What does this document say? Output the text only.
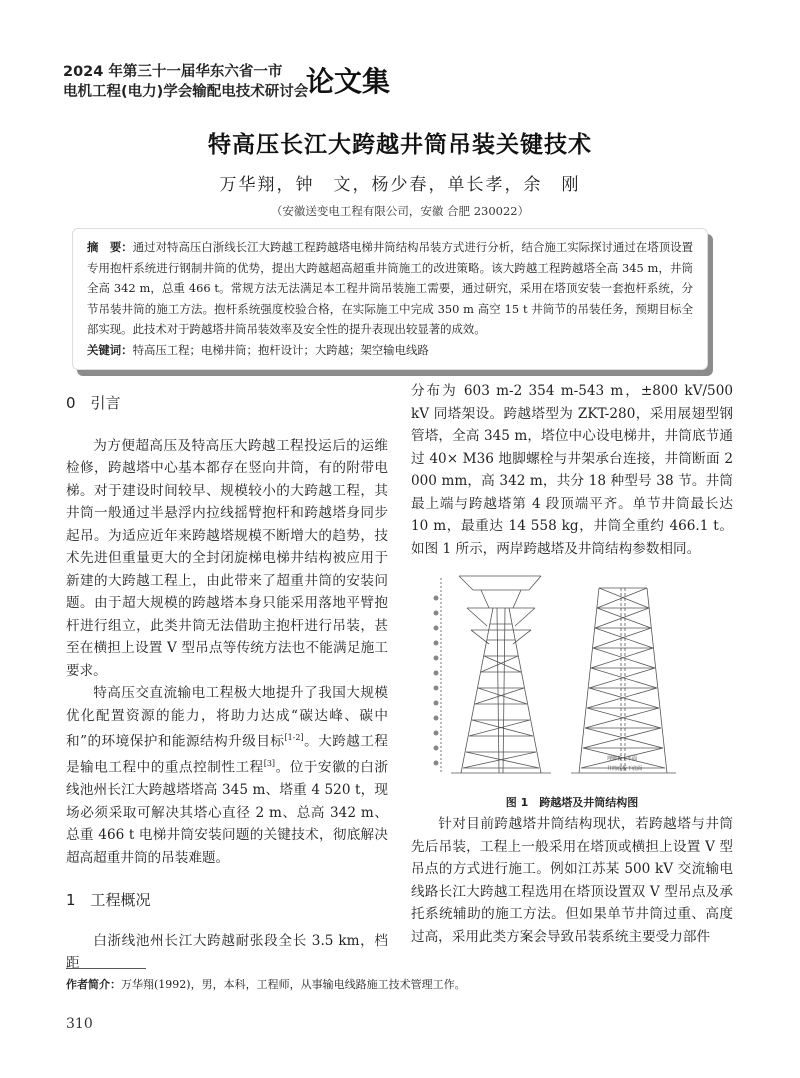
2024 年第三十一届华东六省一市
电机工程(电力)学会输配电技术研讨会
论文集
特高压长江大跨越井筒吊装关键技术
万华翔，钟　文，杨少春，单长孝，余　刚
（安徽送变电工程有限公司，安徽 合肥 230022）

摘　要：通过对特高压白浙线长江大跨越工程跨越塔电梯井筒结构吊装方式进行分析，结合施工实际探讨通过在塔顶设置专用抱杆系统进行钢制井筒的优势，提出大跨越超高超重井筒施工的改进策略。该大跨越工程跨越塔全高 345 m，井筒全高 342 m，总重 466 t。常规方法无法满足本工程井筒吊装施工需要，通过研究，采用在塔顶安装一套抱杆系统，分节吊装井筒的施工方法。抱杆系统强度校验合格，在实际施工中完成 350 m 高空 15 t 井筒节的吊装任务，预期目标全部实现。此技术对于跨越塔井筒吊装效率及安全性的提升表现出较显著的成效。

关键词：特高压工程；电梯井筒；抱杆设计；大跨越；架空输电线路

0　引言

为方便超高压及特高压大跨越工程投运后的运维检修，跨越塔中心基本都存在竖向井筒，有的附带电梯。对于建设时间较早、规模较小的大跨越工程，其井筒一般通过半悬浮内拉线摇臂抱杆和跨越塔身同步起吊。为适应近年来跨越塔规模不断增大的趋势，技术先进但重量更大的全封闭旋梯电梯井结构被应用于新建的大跨越工程上，由此带来了超重井筒的安装问题。由于超大规模的跨越塔本身只能采用落地平臂抱杆进行组立，此类井筒无法借助主抱杆进行吊装，甚至在横担上设置 V 型吊点等传统方法也不能满足施工要求。

特高压交直流输电工程极大地提升了我国大规模优化配置资源的能力，将助力达成“碳达峰、碳中和”的环境保护和能源结构升级目标[1-2]。大跨越工程是输电工程中的重点控制性工程[3]。位于安徽的白浙线池州长江大跨越塔塔高 345 m、塔重 4 520 t，现场必须采取可解决其塔心直径 2 m、总高 342 m、总重 466 t 电梯井筒安装问题的关键技术，彻底解决超高超重井筒的吊装难题。

1　工程概况

白浙线池州长江大跨越耐张段全长 3.5 km，档距

分布为 603 m-2 354 m-543 m，±800 kV/500 kV 同塔架设。跨越塔型为 ZKT-280，采用展翅型钢管塔，全高 345 m，塔位中心设电梯井，井筒底节通过 40× M36 地脚螺栓与井架承台连接，井筒断面 2 000 mm，高 342 m，共分 18 种型号 38 节。井筒最上端与跨越塔第 4 段顶端平齐。单节井筒最长达 10 m，最重达 14 558 kg，井筒全重约 466.1 t。如图 1 所示，两岸跨越塔及井筒结构参数相同。

埋脚板上平面
井筒底板下底面
图 1　跨越塔及井筒结构图

针对目前跨越塔井筒结构现状，若跨越塔与井筒先后吊装，工程上一般采用在塔顶或横担上设置 V 型吊点的方式进行施工。例如江苏某 500 kV 交流输电线路长江大跨越工程选用在塔顶设置双 V 型吊点及承托系统辅助的施工方法。但如果单节井筒过重、高度过高，采用此类方案会导致吊装系统主要受力部件

作者简介：万华翔(1992)，男，本科，工程师，从事输电线路施工技术管理工作。
310
